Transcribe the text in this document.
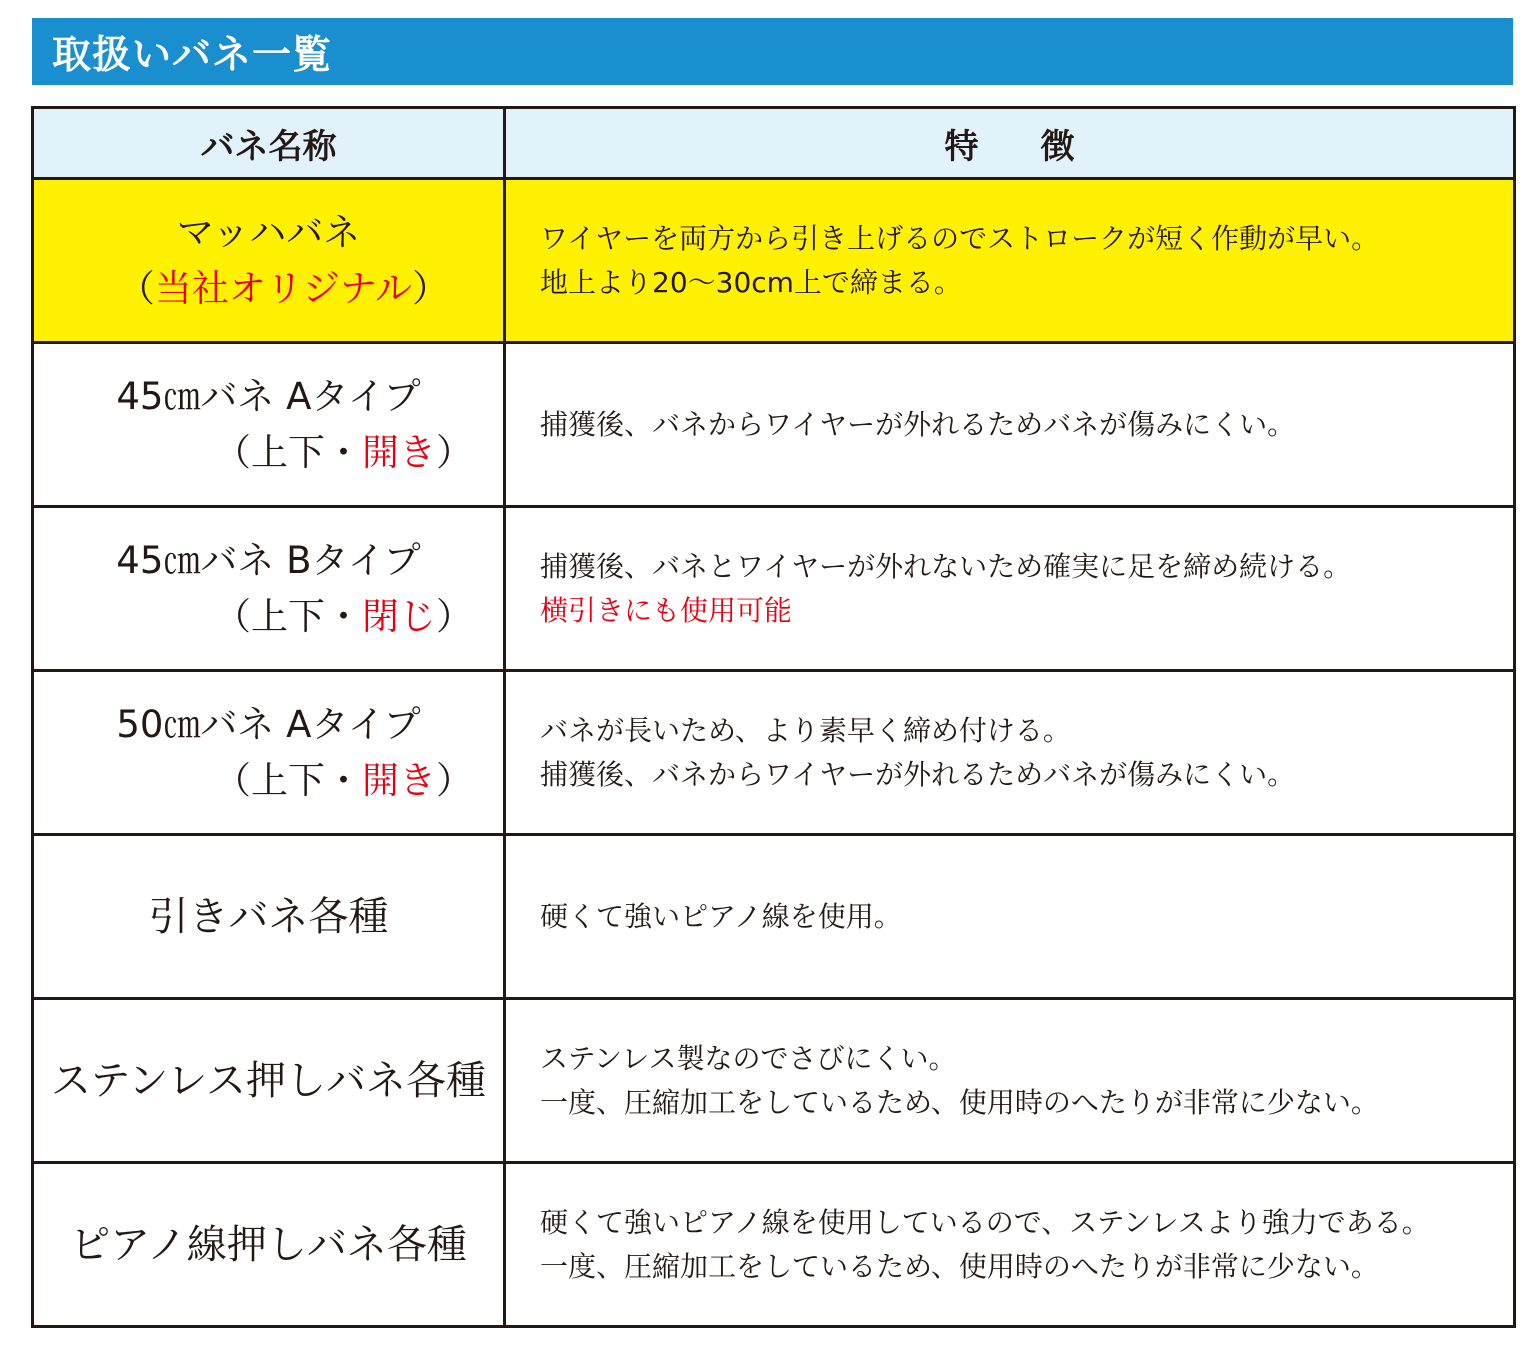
取扱いバネ一覧
バネ名称	特徴

マッハバネ
（当社オリジナル）	ワイヤーを両方から引き上げるのでストロークが短く作動が早い。
地上より20～30cm上で締まる。

45㎝バネ Aタイプ
（上下・開き）	捕獲後、バネからワイヤーが外れるためバネが傷みにくい。

45㎝バネ Bタイプ
（上下・閉じ）	捕獲後、バネとワイヤーが外れないため確実に足を締め続ける。
横引きにも使用可能

50㎝バネ Aタイプ
（上下・開き）	バネが長いため、より素早く締め付ける。
捕獲後、バネからワイヤーが外れるためバネが傷みにくい。

引きバネ各種	硬くて強いピアノ線を使用。

ステンレス押しバネ各種	ステンレス製なのでさびにくい。
一度、圧縮加工をしているため、使用時のへたりが非常に少ない。

ピアノ線押しバネ各種	硬くて強いピアノ線を使用しているので、ステンレスより強力である。
一度、圧縮加工をしているため、使用時のへたりが非常に少ない。
